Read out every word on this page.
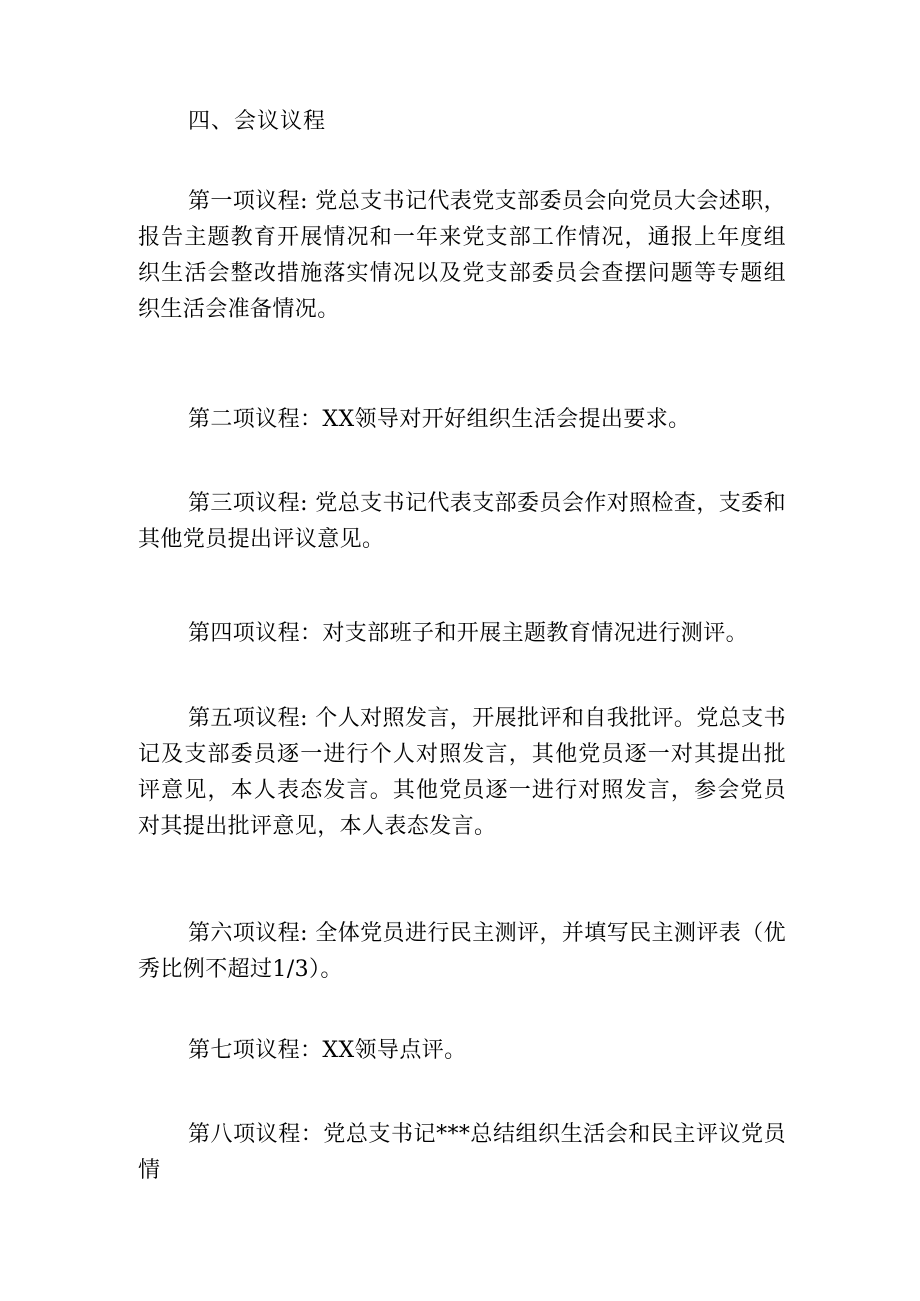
四、会议议程

第一项议程: 党总支书记代表党支部委员会向党员大会述职，报告主题教育开展情况和一年来党支部工作情况，通报上年度组织生活会整改措施落实情况以及党支部委员会查摆问题等专题组织生活会准备情况。

第二项议程：XX领导对开好组织生活会提出要求。

第三项议程: 党总支书记代表支部委员会作对照检查，支委和其他党员提出评议意见。

第四项议程：对支部班子和开展主题教育情况进行测评。

第五项议程: 个人对照发言，开展批评和自我批评。党总支书记及支部委员逐一进行个人对照发言，其他党员逐一对其提出批评意见，本人表态发言。其他党员逐一进行对照发言，参会党员对其提出批评意见，本人表态发言。

第六项议程: 全体党员进行民主测评，并填写民主测评表（优秀比例不超过1/3）。

第七项议程：XX领导点评。

第八项议程：党总支书记***总结组织生活会和民主评议党员情
